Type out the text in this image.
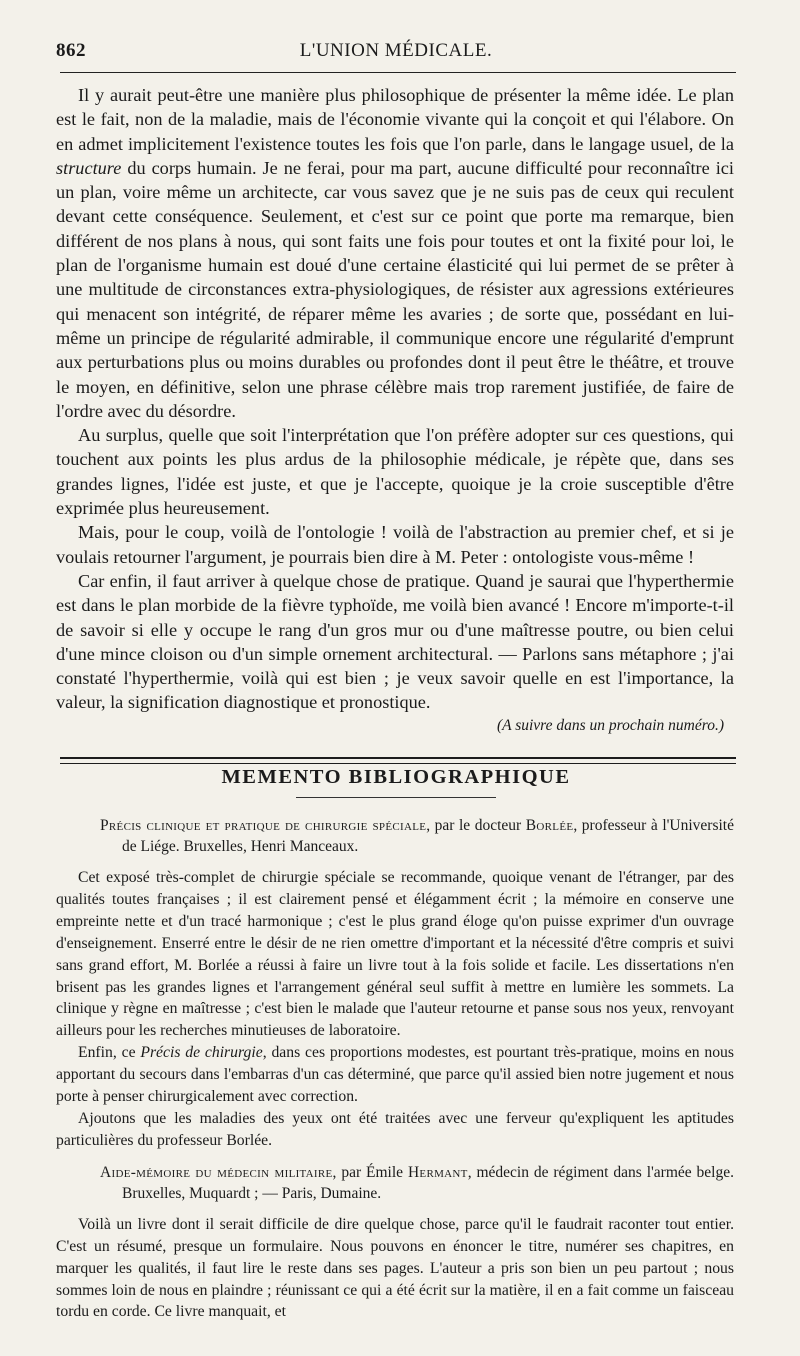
862	L'UNION MÉDICALE.

Il y aurait peut-être une manière plus philosophique de présenter la même idée. Le plan est le fait, non de la maladie, mais de l'économie vivante qui la conçoit et qui l'élabore. On en admet implicitement l'existence toutes les fois que l'on parle, dans le langage usuel, de la structure du corps humain. Je ne ferai, pour ma part, aucune difficulté pour reconnaître ici un plan, voire même un architecte, car vous savez que je ne suis pas de ceux qui reculent devant cette conséquence. Seulement, et c'est sur ce point que porte ma remarque, bien différent de nos plans à nous, qui sont faits une fois pour toutes et ont la fixité pour loi, le plan de l'organisme humain est doué d'une certaine élasticité qui lui permet de se prêter à une multitude de circonstances extra-physiologiques, de résister aux agressions extérieures qui menacent son intégrité, de réparer même les avaries ; de sorte que, possédant en lui-même un principe de régularité admirable, il communique encore une régularité d'emprunt aux perturbations plus ou moins durables ou profondes dont il peut être le théâtre, et trouve le moyen, en définitive, selon une phrase célèbre mais trop rarement justifiée, de faire de l'ordre avec du désordre.

Au surplus, quelle que soit l'interprétation que l'on préfère adopter sur ces questions, qui touchent aux points les plus ardus de la philosophie médicale, je répète que, dans ses grandes lignes, l'idée est juste, et que je l'accepte, quoique je la croie susceptible d'être exprimée plus heureusement.

Mais, pour le coup, voilà de l'ontologie ! voilà de l'abstraction au premier chef, et si je voulais retourner l'argument, je pourrais bien dire à M. Peter : ontologiste vous-même !

Car enfin, il faut arriver à quelque chose de pratique. Quand je saurai que l'hyperthermie est dans le plan morbide de la fièvre typhoïde, me voilà bien avancé ! Encore m'importe-t-il de savoir si elle y occupe le rang d'un gros mur ou d'une maîtresse poutre, ou bien celui d'une mince cloison ou d'un simple ornement architectural. — Parlons sans métaphore ; j'ai constaté l'hyperthermie, voilà qui est bien ; je veux savoir quelle en est l'importance, la valeur, la signification diagnostique et pronostique.

(A suivre dans un prochain numéro.)
MEMENTO BIBLIOGRAPHIQUE

Précis clinique et pratique de chirurgie spéciale, par le docteur Borlée, professeur à l'Université de Liége. Bruxelles, Henri Manceaux.

Cet exposé très-complet de chirurgie spéciale se recommande, quoique venant de l'étranger, par des qualités toutes françaises ; il est clairement pensé et élégamment écrit ; la mémoire en conserve une empreinte nette et d'un tracé harmonique ; c'est le plus grand éloge qu'on puisse exprimer d'un ouvrage d'enseignement. Enserré entre le désir de ne rien omettre d'important et la nécessité d'être compris et suivi sans grand effort, M. Borlée a réussi à faire un livre tout à la fois solide et facile. Les dissertations n'en brisent pas les grandes lignes et l'arrangement général seul suffit à mettre en lumière les sommets. La clinique y règne en maîtresse ; c'est bien le malade que l'auteur retourne et panse sous nos yeux, renvoyant ailleurs pour les recherches minutieuses de laboratoire.

Enfin, ce Précis de chirurgie, dans ces proportions modestes, est pourtant très-pratique, moins en nous apportant du secours dans l'embarras d'un cas déterminé, que parce qu'il assied bien notre jugement et nous porte à penser chirurgicalement avec correction.

Ajoutons que les maladies des yeux ont été traitées avec une ferveur qu'expliquent les aptitudes particulières du professeur Borlée.

Aide-mémoire du médecin militaire, par Émile Hermant, médecin de régiment dans l'armée belge. Bruxelles, Muquardt ; — Paris, Dumaine.

Voilà un livre dont il serait difficile de dire quelque chose, parce qu'il le faudrait raconter tout entier. C'est un résumé, presque un formulaire. Nous pouvons en énoncer le titre, numérer ses chapitres, en marquer les qualités, il faut lire le reste dans ses pages. L'auteur a pris son bien un peu partout ; nous sommes loin de nous en plaindre ; réunissant ce qui a été écrit sur la matière, il en a fait comme un faisceau tordu en corde. Ce livre manquait, et
